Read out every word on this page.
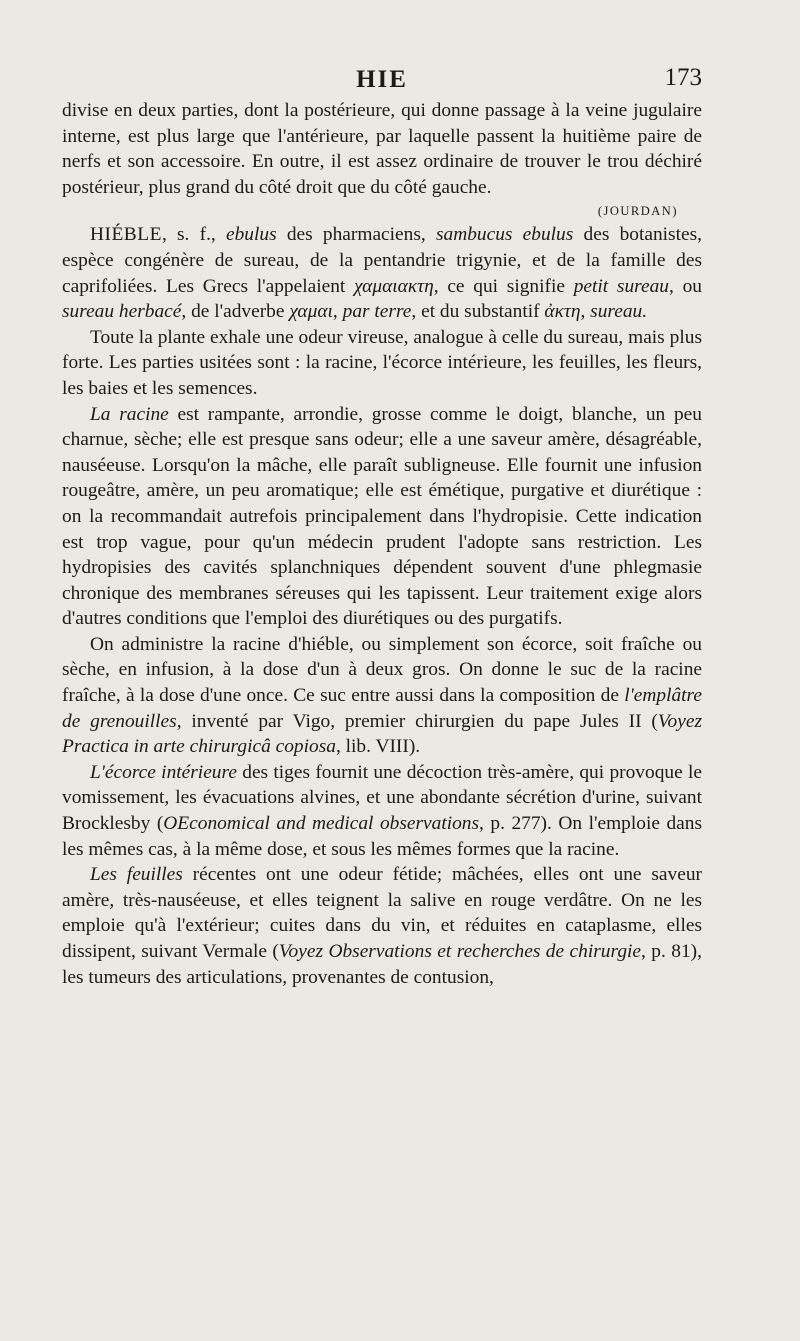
HIE	173

divise en deux parties, dont la postérieure, qui donne passage à la veine jugulaire interne, est plus large que l'antérieure, par laquelle passent la huitième paire de nerfs et son accessoire. En outre, il est assez ordinaire de trouver le trou déchiré postérieur, plus grand du côté droit que du côté gauche.

(JOURDAN)

HIÉBLE, s. f., ebulus des pharmaciens, sambucus ebulus des botanistes, espèce congénère de sureau, de la pentandrie trigynie, et de la famille des caprifoliées. Les Grecs l'appelaient χαμαιακτη, ce qui signifie petit sureau, ou sureau herbacé, de l'adverbe χαμαι, par terre, et du substantif ἀκτη, sureau.

Toute la plante exhale une odeur vireuse, analogue à celle du sureau, mais plus forte. Les parties usitées sont : la racine, l'écorce intérieure, les feuilles, les fleurs, les baies et les semences.

La racine est rampante, arrondie, grosse comme le doigt, blanche, un peu charnue, sèche; elle est presque sans odeur; elle a une saveur amère, désagréable, nauséeuse. Lorsqu'on la mâche, elle paraît subligneuse. Elle fournit une infusion rougeâtre, amère, un peu aromatique; elle est émétique, purgative et diurétique : on la recommandait autrefois principalement dans l'hydropisie. Cette indication est trop vague, pour qu'un médecin prudent l'adopte sans restriction. Les hydropisies des cavités splanchniques dépendent souvent d'une phlegmasie chronique des membranes séreuses qui les tapissent. Leur traitement exige alors d'autres conditions que l'emploi des diurétiques ou des purgatifs.

On administre la racine d'hiéble, ou simplement son écorce, soit fraîche ou sèche, en infusion, à la dose d'un à deux gros. On donne le suc de la racine fraîche, à la dose d'une once. Ce suc entre aussi dans la composition de l'emplâtre de grenouilles, inventé par Vigo, premier chirurgien du pape Jules II (Voyez Practica in arte chirurgicâ copiosa, lib. VIII).

L'écorce intérieure des tiges fournit une décoction très-amère, qui provoque le vomissement, les évacuations alvines, et une abondante sécrétion d'urine, suivant Brocklesby (OEconomical and medical observations, p. 277). On l'emploie dans les mêmes cas, à la même dose, et sous les mêmes formes que la racine.

Les feuilles récentes ont une odeur fétide; mâchées, elles ont une saveur amère, très-nauséeuse, et elles teignent la salive en rouge verdâtre. On ne les emploie qu'à l'extérieur; cuites dans du vin, et réduites en cataplasme, elles dissipent, suivant Vermale (Voyez Observations et recherches de chirurgie, p. 81), les tumeurs des articulations, provenantes de contusion,
